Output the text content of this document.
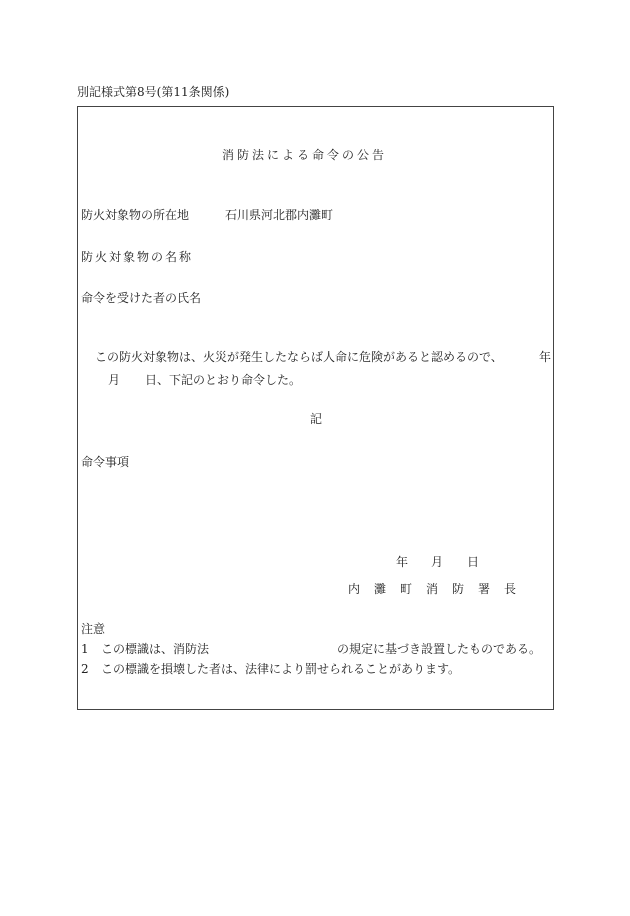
別記様式第8号(第11条関係)
消防法による命令の公告
防火対象物の所在地	石川県河北郡内灘町
防火対象物の名称
命令を受けた者の氏名
この防火対象物は、火災が発生したならば人命に危険があると認めるので、	年
月 日、下記のとおり命令した。
記
命令事項
年 月 日
内灘町消防署長
注意
1 この標識は、消防法	の規定に基づき設置したものである。
2 この標識を損壊した者は、法律により罰せられることがあります。
